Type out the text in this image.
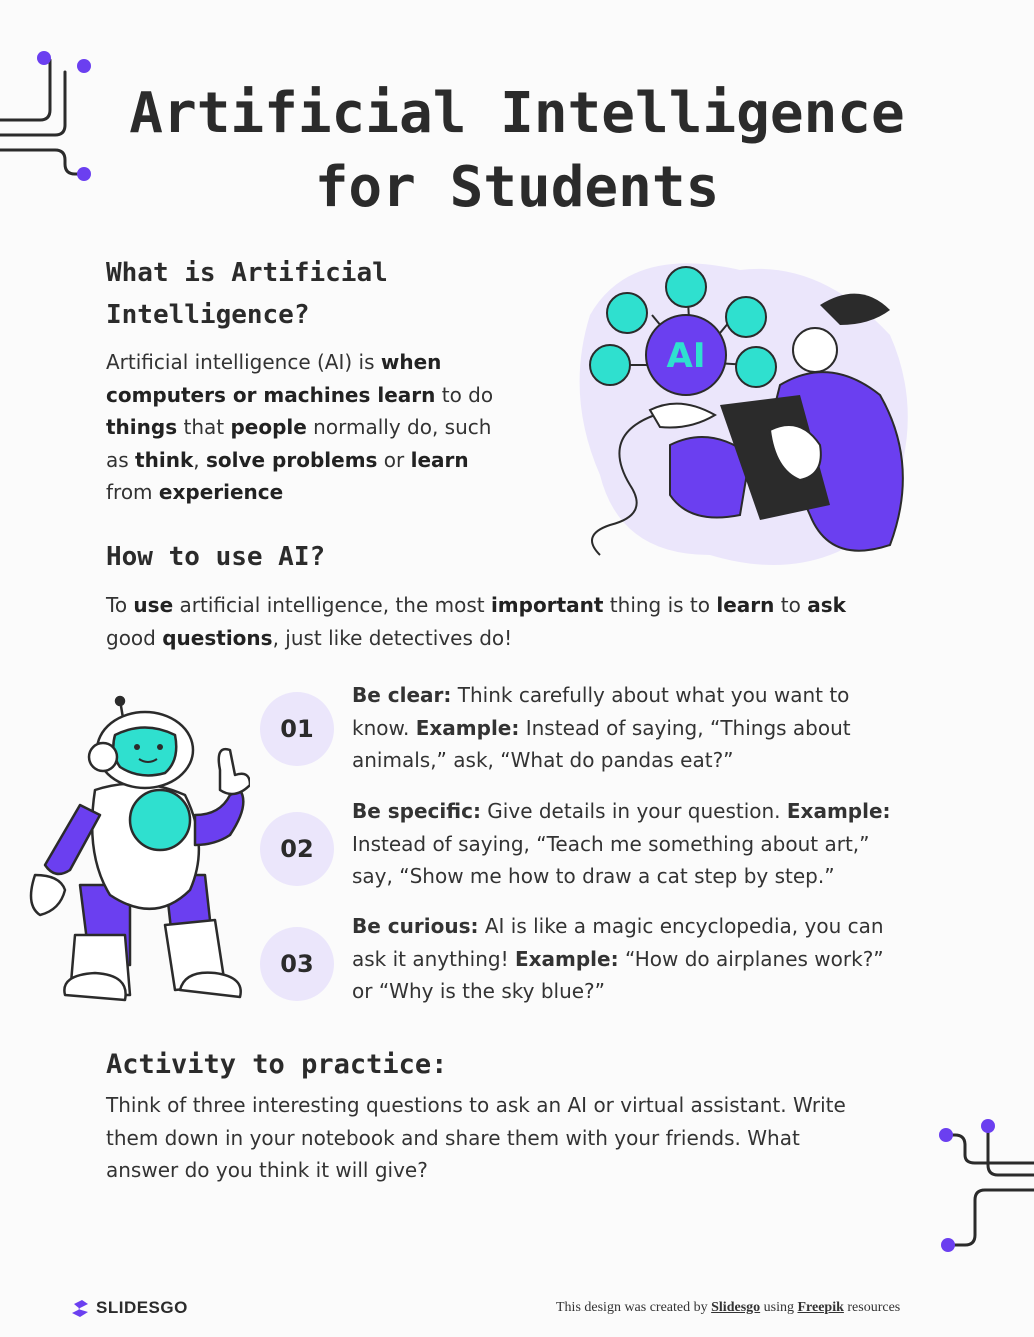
Artificial Intelligence
for Students
What is Artificial
Intelligence?
Artificial intelligence (AI) is when
computers or machines learn to do
things that people normally do, such
as think, solve problems or learn
from experience
AI
How to use AI?
To use artificial intelligence, the most important thing is to learn to ask
good questions, just like detectives do!
01
Be clear: Think carefully about what you want to
know. Example: Instead of saying, “Things about
animals,” ask, “What do pandas eat?”
02
Be specific: Give details in your question. Example:
Instead of saying, “Teach me something about art,”
say, “Show me how to draw a cat step by step.”
03
Be curious: AI is like a magic encyclopedia, you can
ask it anything! Example: “How do airplanes work?”
or “Why is the sky blue?”
Activity to practice:
Think of three interesting questions to ask an AI or virtual assistant. Write
them down in your notebook and share them with your friends. What
answer do you think it will give?
SLIDESGO	This design was created by Slidesgo using Freepik resources
